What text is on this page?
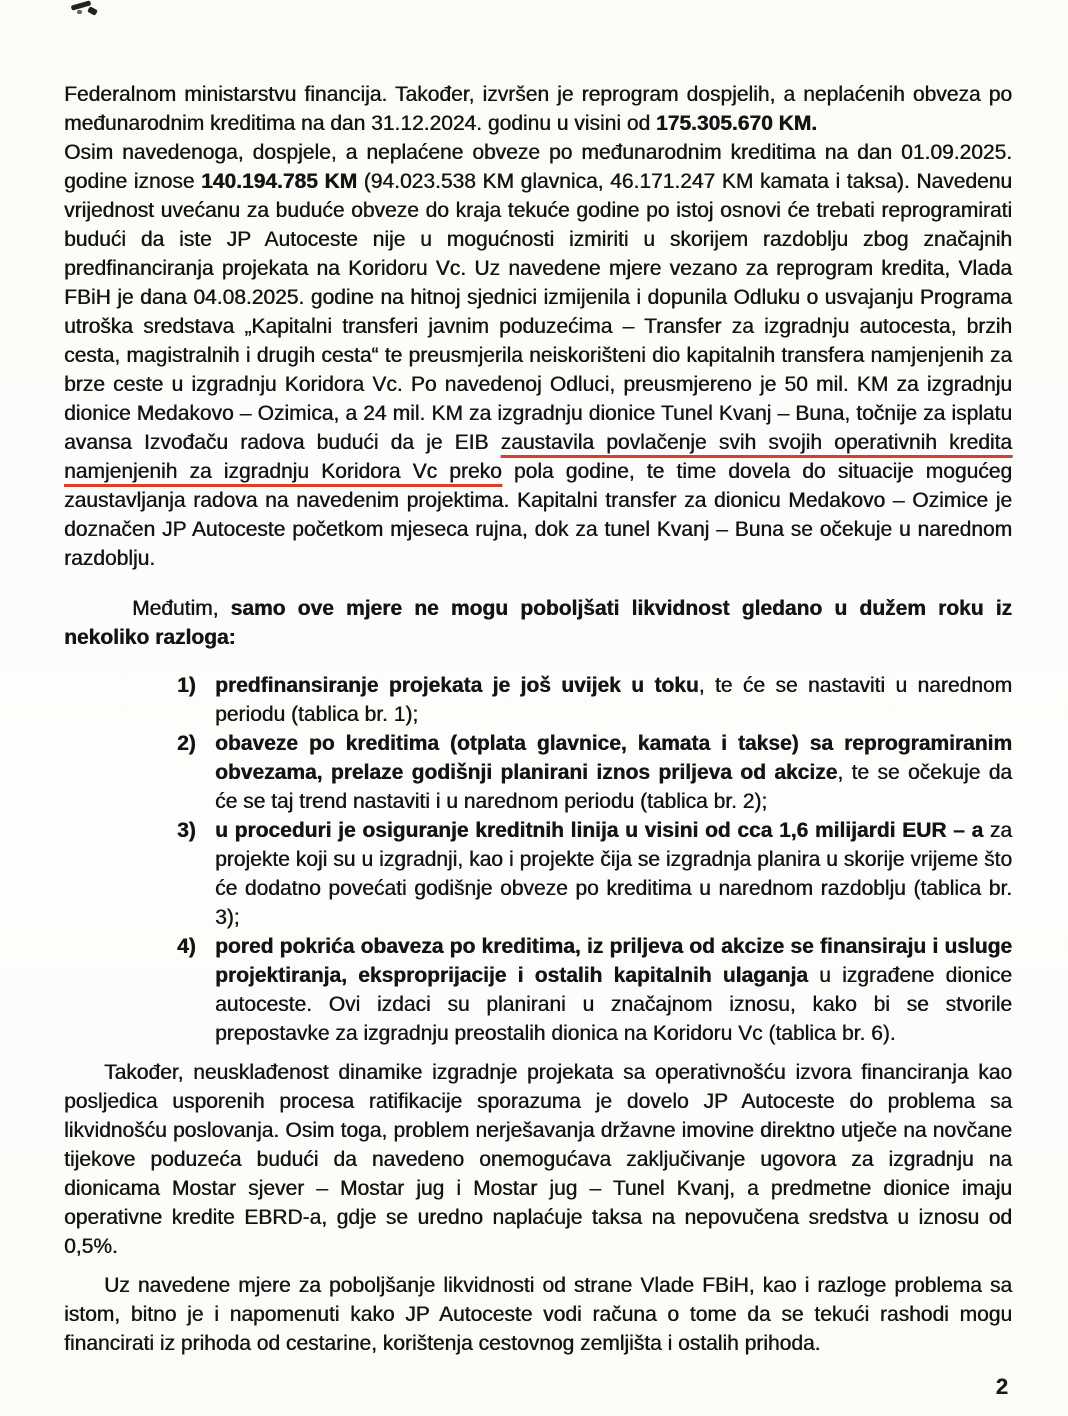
Federalnom ministarstvu financija. Također, izvršen je reprogram dospjelih, a neplaćenih obveza po međunarodnim kreditima na dan 31.12.2024. godinu u visini od 175.305.670 KM.

Osim navedenoga, dospjele, a neplaćene obveze po međunarodnim kreditima na dan 01.09.2025. godine iznose 140.194.785 KM (94.023.538 KM glavnica, 46.171.247 KM kamata i taksa). Navedenu vrijednost uvećanu za buduće obveze do kraja tekuće godine po istoj osnovi će trebati reprogramirati budući da iste JP Autoceste nije u mogućnosti izmiriti u skorijem razdoblju zbog značajnih predfinanciranja projekata na Koridoru Vc. Uz navedene mjere vezano za reprogram kredita, Vlada FBiH je dana 04.08.2025. godine na hitnoj sjednici izmijenila i dopunila Odluku o usvajanju Programa utroška sredstava „Kapitalni transferi javnim poduzećima – Transfer za izgradnju autocesta, brzih cesta, magistralnih i drugih cesta“ te preusmjerila neiskorišteni dio kapitalnih transfera namjenjenih za brze ceste u izgradnju Koridora Vc. Po navedenoj Odluci, preusmjereno je 50 mil. KM za izgradnju dionice Medakovo – Ozimica, a 24 mil. KM za izgradnju dionice Tunel Kvanj – Buna, točnije za isplatu avansa Izvođaču radova budući da je EIB zaustavila povlačenje svih svojih operativnih kredita namjenjenih za izgradnju Koridora Vc preko pola godine, te time dovela do situacije mogućeg zaustavljanja radova na navedenim projektima. Kapitalni transfer za dionicu Medakovo – Ozimice je doznačen JP Autoceste početkom mjeseca rujna, dok za tunel Kvanj – Buna se očekuje u narednom razdoblju.

Međutim, samo ove mjere ne mogu poboljšati likvidnost gledano u dužem roku iz nekoliko razloga:

1) predfinansiranje projekata je još uvijek u toku, te će se nastaviti u narednom periodu (tablica br. 1);
2) obaveze po kreditima (otplata glavnice, kamata i takse) sa reprogramiranim obvezama, prelaze godišnji planirani iznos priljeva od akcize, te se očekuje da će se taj trend nastaviti i u narednom periodu (tablica br. 2);
3) u proceduri je osiguranje kreditnih linija u visini od cca 1,6 milijardi EUR – a za projekte koji su u izgradnji, kao i projekte čija se izgradnja planira u skorije vrijeme što će dodatno povećati godišnje obveze po kreditima u narednom razdoblju (tablica br. 3);
4) pored pokrića obaveza po kreditima, iz priljeva od akcize se finansiraju i usluge projektiranja, eksproprijacije i ostalih kapitalnih ulaganja u izgrađene dionice autoceste. Ovi izdaci su planirani u značajnom iznosu, kako bi se stvorile prepostavke za izgradnju preostalih dionica na Koridoru Vc (tablica br. 6).

Također, neusklađenost dinamike izgradnje projekata sa operativnošću izvora financiranja kao posljedica usporenih procesa ratifikacije sporazuma je dovelo JP Autoceste do problema sa likvidnošću poslovanja. Osim toga, problem nerješavanja državne imovine direktno utječe na novčane tijekove poduzeća budući da navedeno onemogućava zaključivanje ugovora za izgradnju na dionicama Mostar sjever – Mostar jug i Mostar jug – Tunel Kvanj, a predmetne dionice imaju operativne kredite EBRD-a, gdje se uredno naplaćuje taksa na nepovučena sredstva u iznosu od 0,5%.

Uz navedene mjere za poboljšanje likvidnosti od strane Vlade FBiH, kao i razloge problema sa istom, bitno je i napomenuti kako JP Autoceste vodi računa o tome da se tekući rashodi mogu financirati iz prihoda od cestarine, korištenja cestovnog zemljišta i ostalih prihoda.

2
